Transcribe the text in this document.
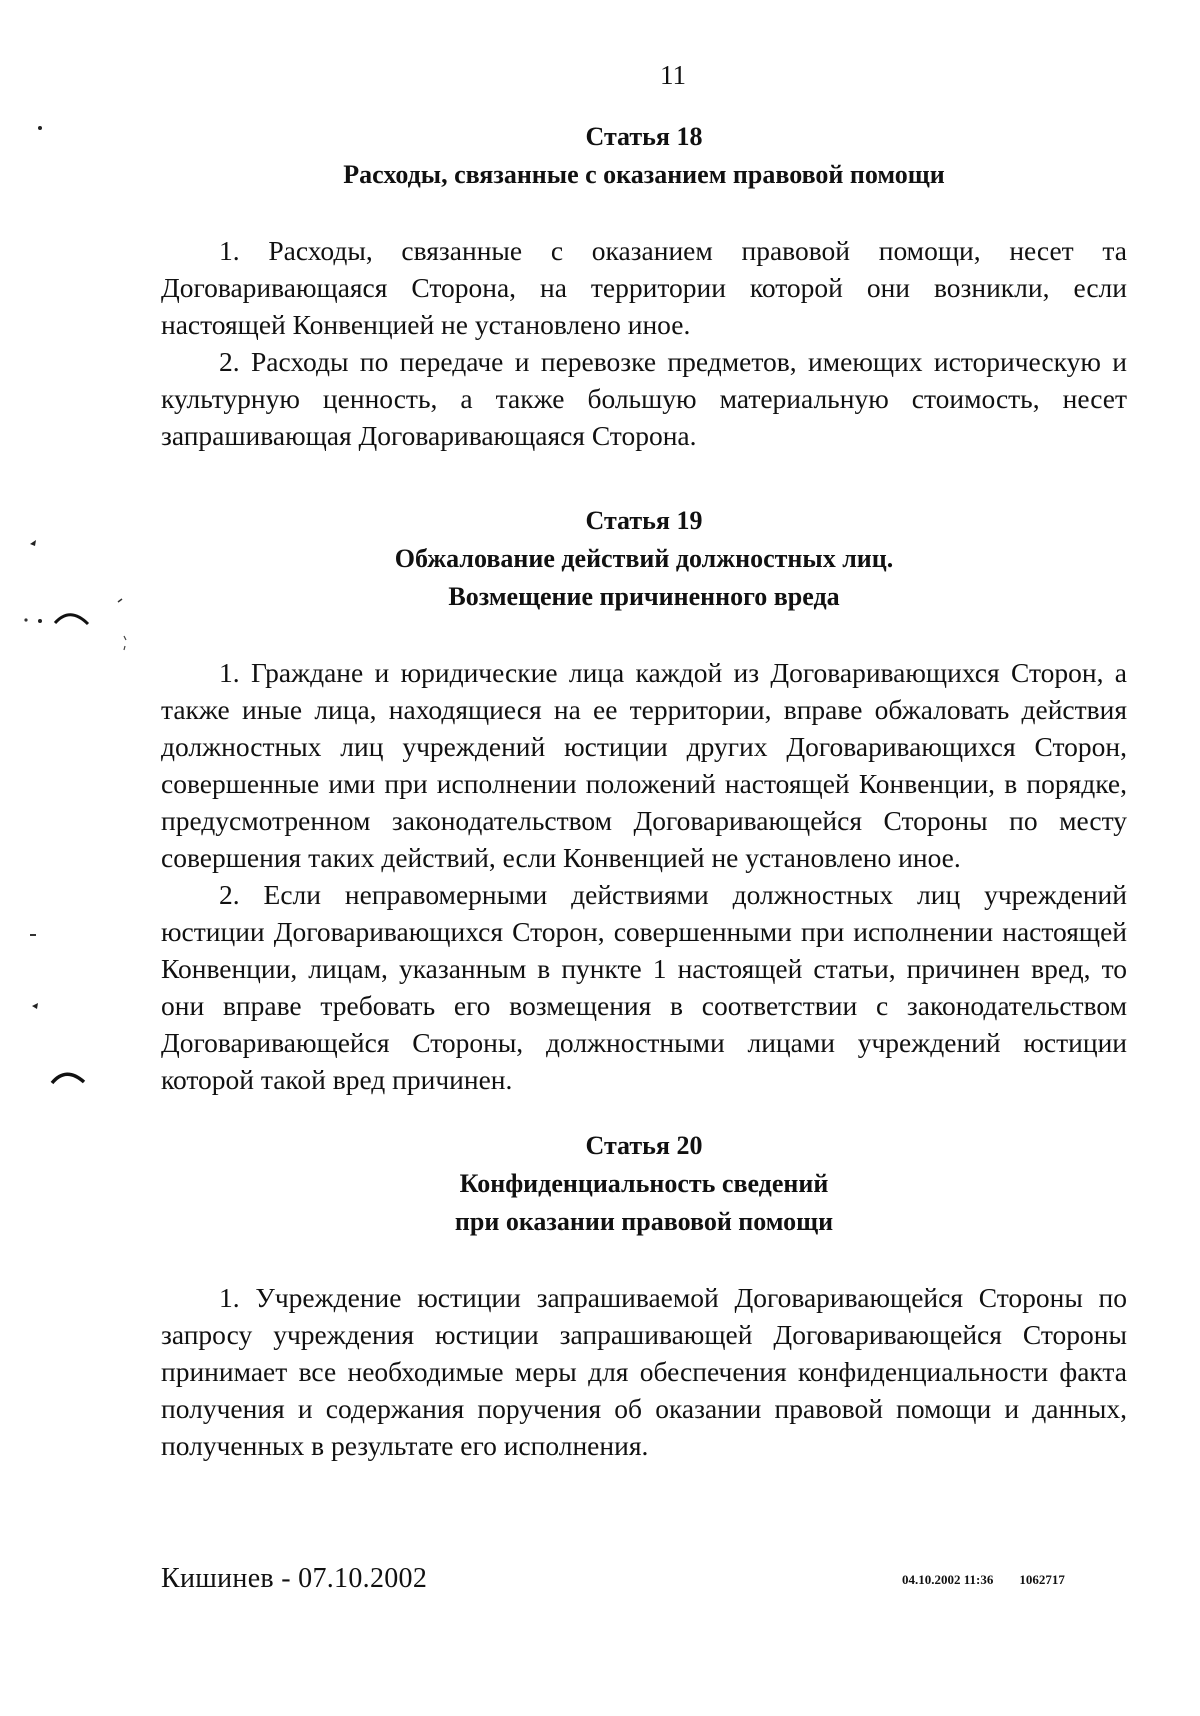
11

Статья 18

Расходы, связанные с оказанием правовой помощи

1. Расходы, связанные с оказанием правовой помощи, несет та Договаривающаяся Сторона, на территории которой они возникли, если настоящей Конвенцией не установлено иное.

2. Расходы по передаче и перевозке предметов, имеющих историческую и культурную ценность, а также большую материальную стоимость, несет запрашивающая Договаривающаяся Сторона.

Статья 19

Обжалование действий должностных лиц.

Возмещение причиненного вреда

1. Граждане и юридические лица каждой из Договаривающихся Сторон, а также иные лица, находящиеся на ее территории, вправе обжаловать действия должностных лиц учреждений юстиции других Договаривающихся Сторон, совершенные ими при исполнении положений настоящей Конвенции, в порядке, предусмотренном законодательством Договаривающейся Стороны по месту совершения таких действий, если Конвенцией не установлено иное.

2. Если неправомерными действиями должностных лиц учреждений юстиции Договаривающихся Сторон, совершенными при исполнении настоящей Конвенции, лицам, указанным в пункте 1 настоящей статьи, причинен вред, то они вправе требовать его возмещения в соответствии с законодательством Договаривающейся Стороны, должностными лицами учреждений юстиции которой такой вред причинен.

Статья 20

Конфиденциальность сведений

при оказании правовой помощи

1. Учреждение юстиции запрашиваемой Договаривающейся Стороны по запросу учреждения юстиции запрашивающей Договаривающейся Стороны принимает все необходимые меры для обеспечения конфиденциальности факта получения и содержания поручения об оказании правовой помощи и данных, полученных в результате его исполнения.

Кишинев - 07.10.2002	04.10.2002 11:36 1062717
